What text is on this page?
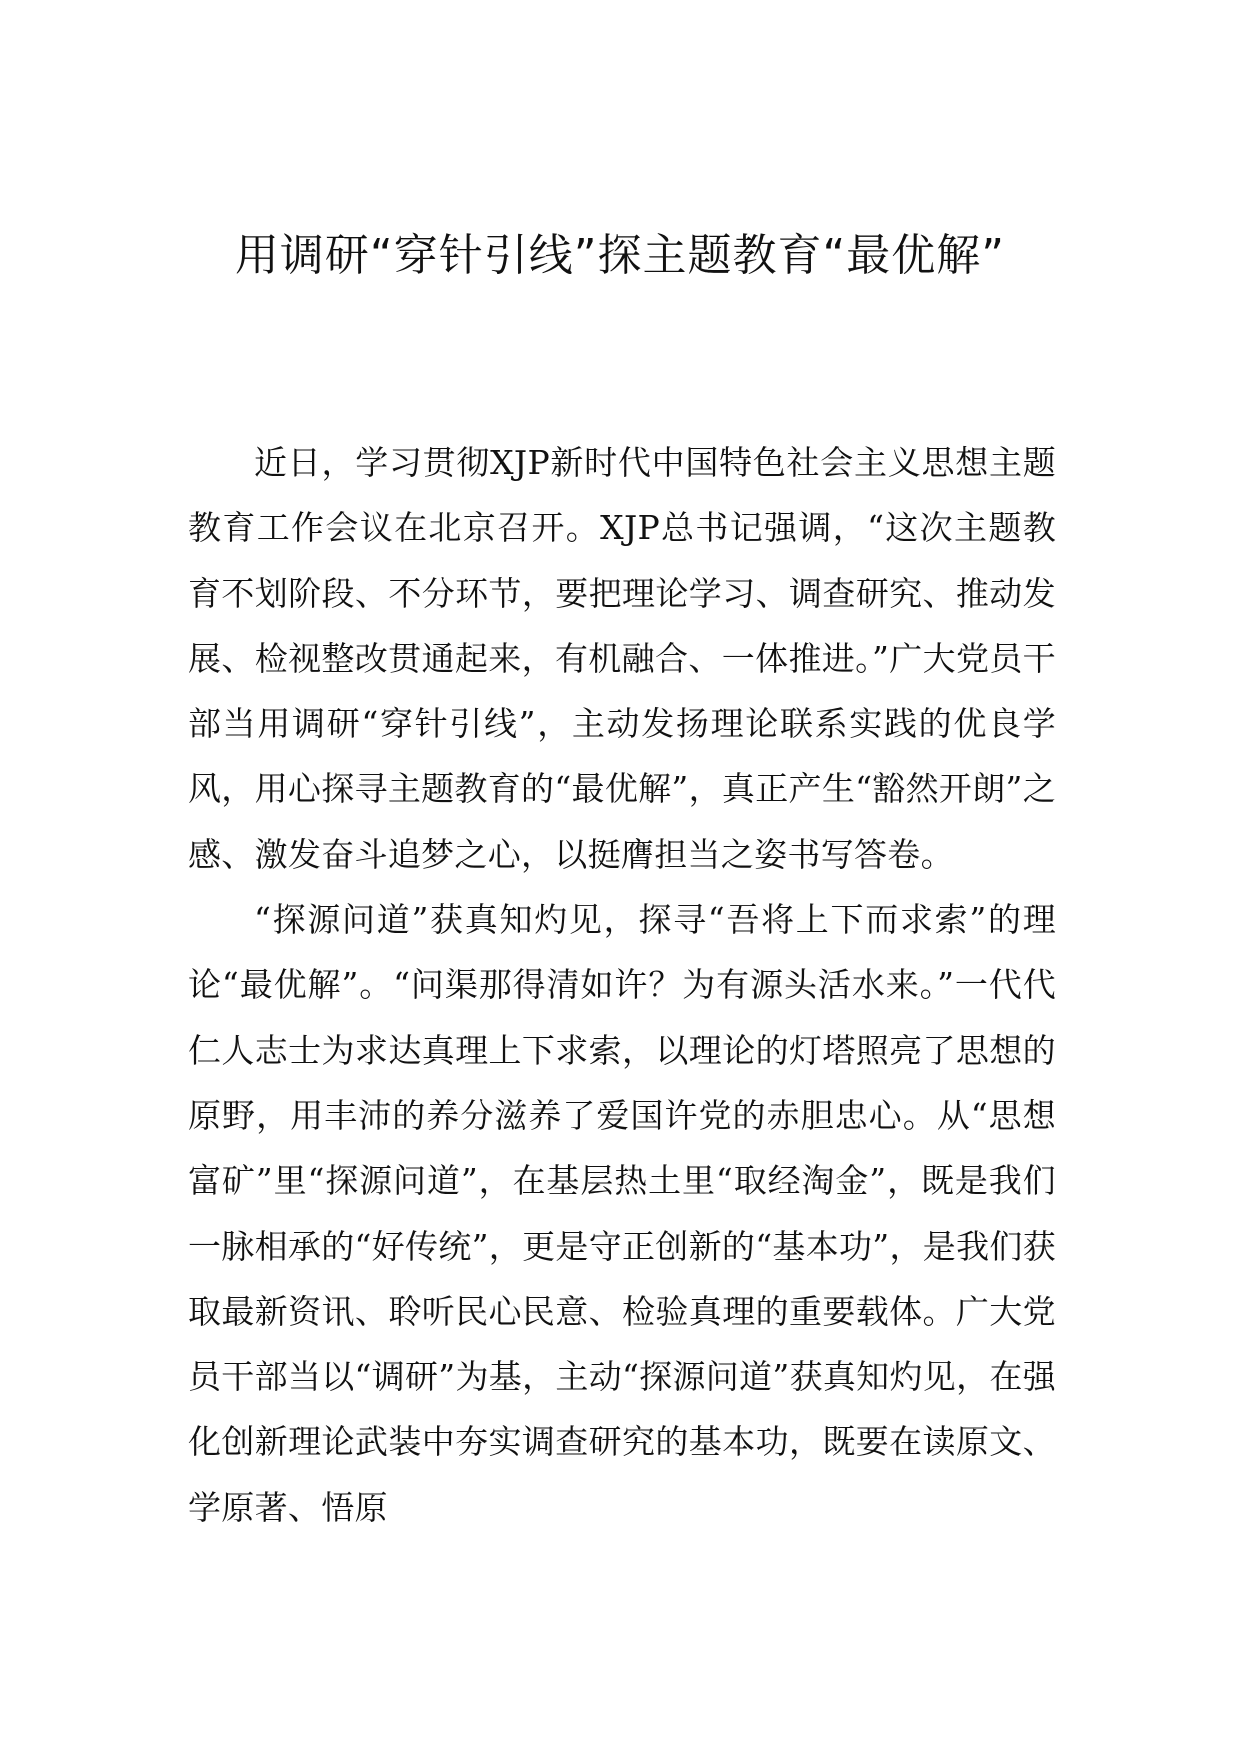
用调研“穿针引线”探主题教育“最优解”

近日，学习贯彻XJP新时代中国特色社会主义思想主题教育工作会议在北京召开。XJP总书记强调，“这次主题教育不划阶段、不分环节，要把理论学习、调查研究、推动发展、检视整改贯通起来，有机融合、一体推进。”广大党员干部当用调研“穿针引线”，主动发扬理论联系实践的优良学风，用心探寻主题教育的“最优解”，真正产生“豁然开朗”之感、激发奋斗追梦之心，以挺膺担当之姿书写答卷。

“探源问道”获真知灼见，探寻“吾将上下而求索”的理论“最优解”。“问渠那得清如许？为有源头活水来。”一代代仁人志士为求达真理上下求索，以理论的灯塔照亮了思想的原野，用丰沛的养分滋养了爱国许党的赤胆忠心。从“思想富矿”里“探源问道”，在基层热土里“取经淘金”，既是我们一脉相承的“好传统”，更是守正创新的“基本功”，是我们获取最新资讯、聆听民心民意、检验真理的重要载体。广大党员干部当以“调研”为基，主动“探源问道”获真知灼见，在强化创新理论武装中夯实调查研究的基本功，既要在读原文、学原著、悟原
